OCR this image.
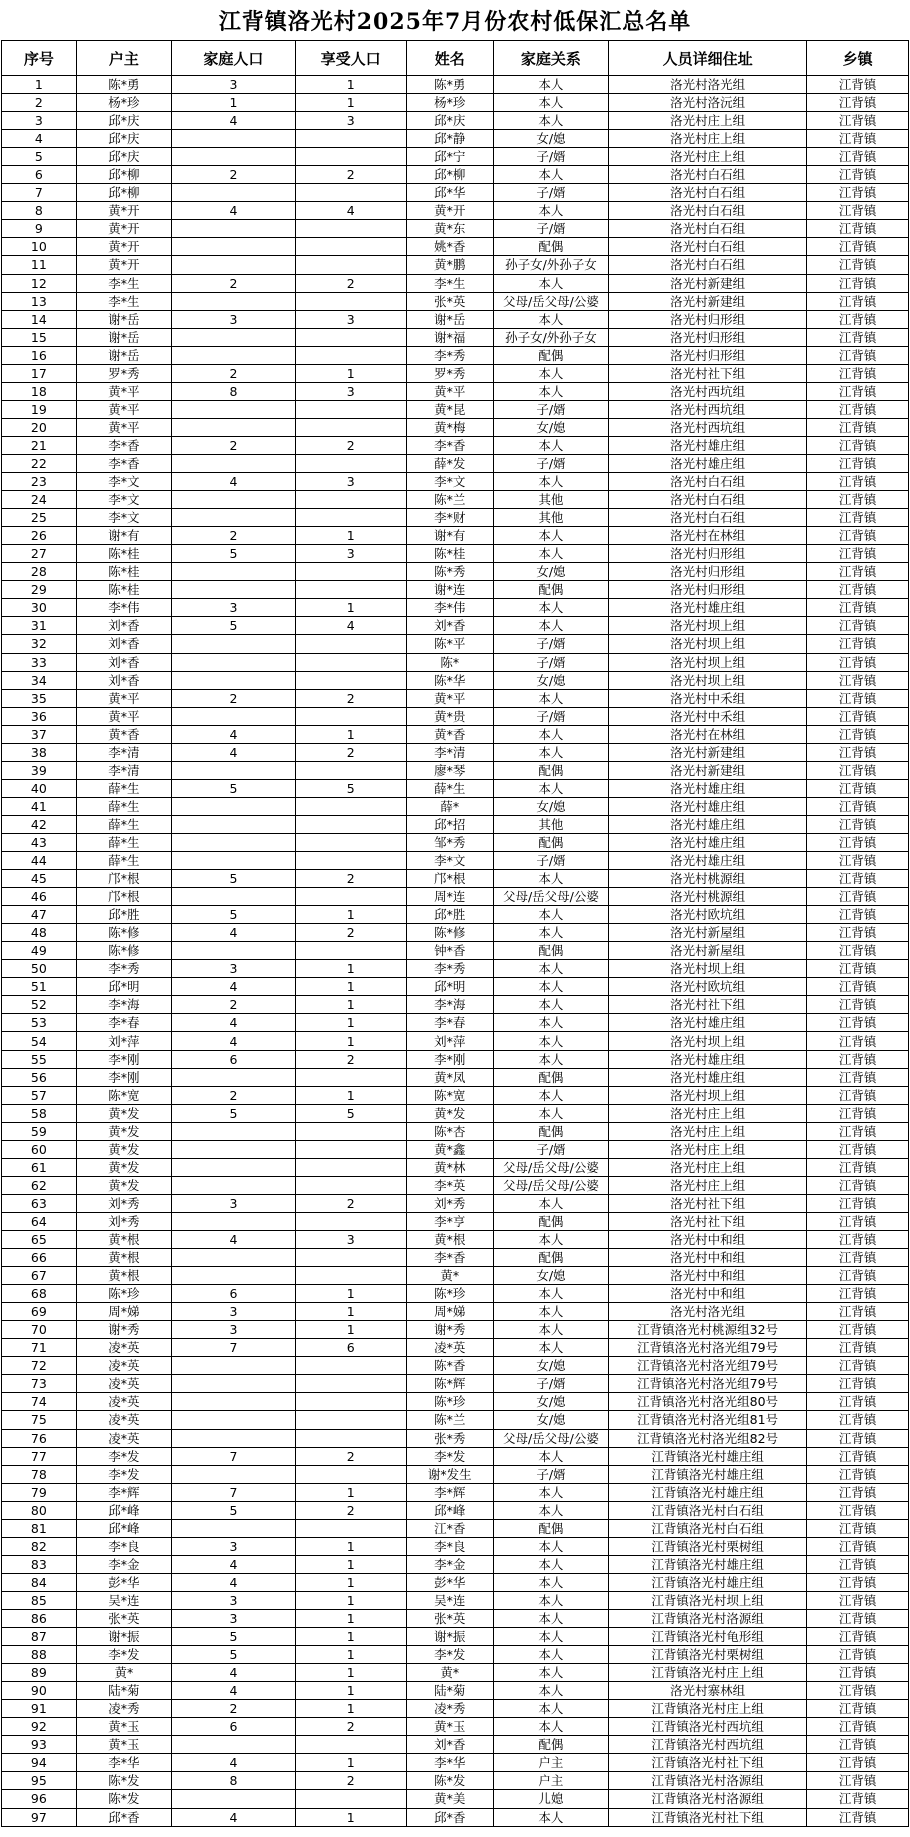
江背镇洛光村2025年7月份农村低保汇总名单
序号	户主	家庭人口	享受人口	姓名	家庭关系	人员详细住址	乡镇
1	陈*勇	3	1	陈*勇	本人	洛光村洛光组	江背镇
2	杨*珍	1	1	杨*珍	本人	洛光村洛沅组	江背镇
3	邱*庆	4	3	邱*庆	本人	洛光村庄上组	江背镇
4	邱*庆			邱*静	女/媳	洛光村庄上组	江背镇
5	邱*庆			邱*宁	子/婿	洛光村庄上组	江背镇
6	邱*柳	2	2	邱*柳	本人	洛光村白石组	江背镇
7	邱*柳			邱*华	子/婿	洛光村白石组	江背镇
8	黄*开	4	4	黄*开	本人	洛光村白石组	江背镇
9	黄*开			黄*东	子/婿	洛光村白石组	江背镇
10	黄*开			姚*香	配偶	洛光村白石组	江背镇
11	黄*开			黄*鹏	孙子女/外孙子女	洛光村白石组	江背镇
12	李*生	2	2	李*生	本人	洛光村新建组	江背镇
13	李*生			张*英	父母/岳父母/公婆	洛光村新建组	江背镇
14	谢*岳	3	3	谢*岳	本人	洛光村归形组	江背镇
15	谢*岳			谢*福	孙子女/外孙子女	洛光村归形组	江背镇
16	谢*岳			李*秀	配偶	洛光村归形组	江背镇
17	罗*秀	2	1	罗*秀	本人	洛光村社下组	江背镇
18	黄*平	8	3	黄*平	本人	洛光村西坑组	江背镇
19	黄*平			黄*昆	子/婿	洛光村西坑组	江背镇
20	黄*平			黄*梅	女/媳	洛光村西坑组	江背镇
21	李*香	2	2	李*香	本人	洛光村雄庄组	江背镇
22	李*香			薛*发	子/婿	洛光村雄庄组	江背镇
23	李*文	4	3	李*文	本人	洛光村白石组	江背镇
24	李*文			陈*兰	其他	洛光村白石组	江背镇
25	李*文			李*财	其他	洛光村白石组	江背镇
26	谢*有	2	1	谢*有	本人	洛光村在林组	江背镇
27	陈*桂	5	3	陈*桂	本人	洛光村归形组	江背镇
28	陈*桂			陈*秀	女/媳	洛光村归形组	江背镇
29	陈*桂			谢*连	配偶	洛光村归形组	江背镇
30	李*伟	3	1	李*伟	本人	洛光村雄庄组	江背镇
31	刘*香	5	4	刘*香	本人	洛光村坝上组	江背镇
32	刘*香			陈*平	子/婿	洛光村坝上组	江背镇
33	刘*香			陈*	子/婿	洛光村坝上组	江背镇
34	刘*香			陈*华	女/媳	洛光村坝上组	江背镇
35	黄*平	2	2	黄*平	本人	洛光村中禾组	江背镇
36	黄*平			黄*贵	子/婿	洛光村中禾组	江背镇
37	黄*香	4	1	黄*香	本人	洛光村在林组	江背镇
38	李*清	4	2	李*清	本人	洛光村新建组	江背镇
39	李*清			廖*琴	配偶	洛光村新建组	江背镇
40	薛*生	5	5	薛*生	本人	洛光村雄庄组	江背镇
41	薛*生			薛*	女/媳	洛光村雄庄组	江背镇
42	薛*生			邱*招	其他	洛光村雄庄组	江背镇
43	薛*生			邹*秀	配偶	洛光村雄庄组	江背镇
44	薛*生			李*文	子/婿	洛光村雄庄组	江背镇
45	邝*根	5	2	邝*根	本人	洛光村桃源组	江背镇
46	邝*根			周*连	父母/岳父母/公婆	洛光村桃源组	江背镇
47	邱*胜	5	1	邱*胜	本人	洛光村欧坑组	江背镇
48	陈*修	4	2	陈*修	本人	洛光村新屋组	江背镇
49	陈*修			钟*香	配偶	洛光村新屋组	江背镇
50	李*秀	3	1	李*秀	本人	洛光村坝上组	江背镇
51	邱*明	4	1	邱*明	本人	洛光村欧坑组	江背镇
52	李*海	2	1	李*海	本人	洛光村社下组	江背镇
53	李*春	4	1	李*春	本人	洛光村雄庄组	江背镇
54	刘*萍	4	1	刘*萍	本人	洛光村坝上组	江背镇
55	李*刚	6	2	李*刚	本人	洛光村雄庄组	江背镇
56	李*刚			黄*凤	配偶	洛光村雄庄组	江背镇
57	陈*宽	2	1	陈*宽	本人	洛光村坝上组	江背镇
58	黄*发	5	5	黄*发	本人	洛光村庄上组	江背镇
59	黄*发			陈*杏	配偶	洛光村庄上组	江背镇
60	黄*发			黄*鑫	子/婿	洛光村庄上组	江背镇
61	黄*发			黄*林	父母/岳父母/公婆	洛光村庄上组	江背镇
62	黄*发			李*英	父母/岳父母/公婆	洛光村庄上组	江背镇
63	刘*秀	3	2	刘*秀	本人	洛光村社下组	江背镇
64	刘*秀			李*亨	配偶	洛光村社下组	江背镇
65	黄*根	4	3	黄*根	本人	洛光村中和组	江背镇
66	黄*根			李*香	配偶	洛光村中和组	江背镇
67	黄*根			黄*	女/媳	洛光村中和组	江背镇
68	陈*珍	6	1	陈*珍	本人	洛光村中和组	江背镇
69	周*娣	3	1	周*娣	本人	洛光村洛光组	江背镇
70	谢*秀	3	1	谢*秀	本人	江背镇洛光村桃源组32号	江背镇
71	凌*英	7	6	凌*英	本人	江背镇洛光村洛光组79号	江背镇
72	凌*英			陈*香	女/媳	江背镇洛光村洛光组79号	江背镇
73	凌*英			陈*辉	子/婿	江背镇洛光村洛光组79号	江背镇
74	凌*英			陈*珍	女/媳	江背镇洛光村洛光组80号	江背镇
75	凌*英			陈*兰	女/媳	江背镇洛光村洛光组81号	江背镇
76	凌*英			张*秀	父母/岳父母/公婆	江背镇洛光村洛光组82号	江背镇
77	李*发	7	2	李*发	本人	江背镇洛光村雄庄组	江背镇
78	李*发			谢*发生	子/婿	江背镇洛光村雄庄组	江背镇
79	李*辉	7	1	李*辉	本人	江背镇洛光村雄庄组	江背镇
80	邱*峰	5	2	邱*峰	本人	江背镇洛光村白石组	江背镇
81	邱*峰			江*香	配偶	江背镇洛光村白石组	江背镇
82	李*良	3	1	李*良	本人	江背镇洛光村栗树组	江背镇
83	李*金	4	1	李*金	本人	江背镇洛光村雄庄组	江背镇
84	彭*华	4	1	彭*华	本人	江背镇洛光村雄庄组	江背镇
85	吴*连	3	1	吴*连	本人	江背镇洛光村坝上组	江背镇
86	张*英	3	1	张*英	本人	江背镇洛光村洛源组	江背镇
87	谢*振	5	1	谢*振	本人	江背镇洛光村龟形组	江背镇
88	李*发	5	1	李*发	本人	江背镇洛光村栗树组	江背镇
89	黄*	4	1	黄*	本人	江背镇洛光村庄上组	江背镇
90	陆*菊	4	1	陆*菊	本人	洛光村寨林组	江背镇
91	凌*秀	2	1	凌*秀	本人	江背镇洛光村庄上组	江背镇
92	黄*玉	6	2	黄*玉	本人	江背镇洛光村西坑组	江背镇
93	黄*玉			刘*香	配偶	江背镇洛光村西坑组	江背镇
94	李*华	4	1	李*华	户主	江背镇洛光村社下组	江背镇
95	陈*发	8	2	陈*发	户主	江背镇洛光村洛源组	江背镇
96	陈*发			黄*美	儿媳	江背镇洛光村洛源组	江背镇
97	邱*香	4	1	邱*香	本人	江背镇洛光村社下组	江背镇
